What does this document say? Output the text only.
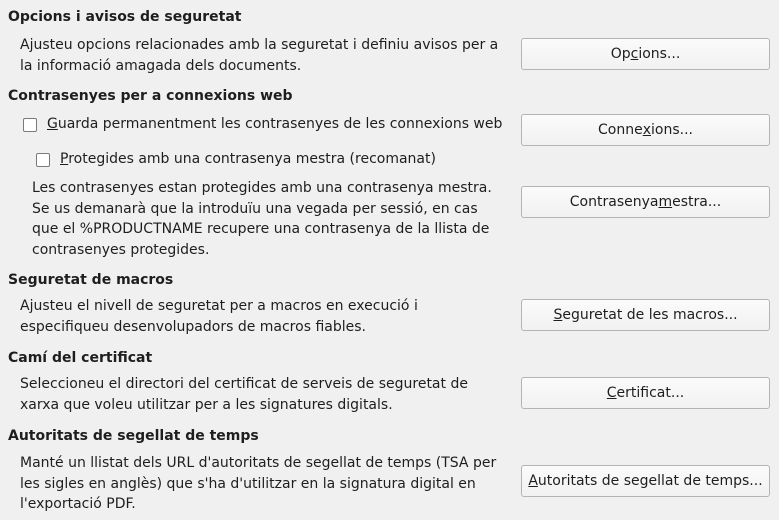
Opcions i avisos de seguretat
Ajusteu opcions relacionades amb la seguretat i definiu avisos per a
la informació amagada dels documents.
Op c ions...
Contrasenyes per a connexions web
Guarda permanentment les contrasenyes de les connexions web	Conne x ions...
Protegides amb una contrasenya mestra (recomanat)
Les contrasenyes estan protegides amb una contrasenya mestra.
Se us demanarà que la introduïu una vegada per sessió, en cas
que el %PRODUCTNAME recupere una contrasenya de la llista de
contrasenyes protegides.
Contrasenya m estra...
Seguretat de macros
Ajusteu el nivell de seguretat per a macros en execució i
especifiqueu desenvolupadors de macros fiables.
S eguretat de les macros...
Camí del certificat
Seleccioneu el directori del certificat de serveis de seguretat de
xarxa que voleu utilitzar per a les signatures digitals.
C ertificat...
Autoritats de segellat de temps
Manté un llistat dels URL d'autoritats de segellat de temps (TSA per
les sigles en anglès) que s'ha d'utilitzar en la signatura digital en
l'exportació PDF.
A utoritats de segellat de temps...
